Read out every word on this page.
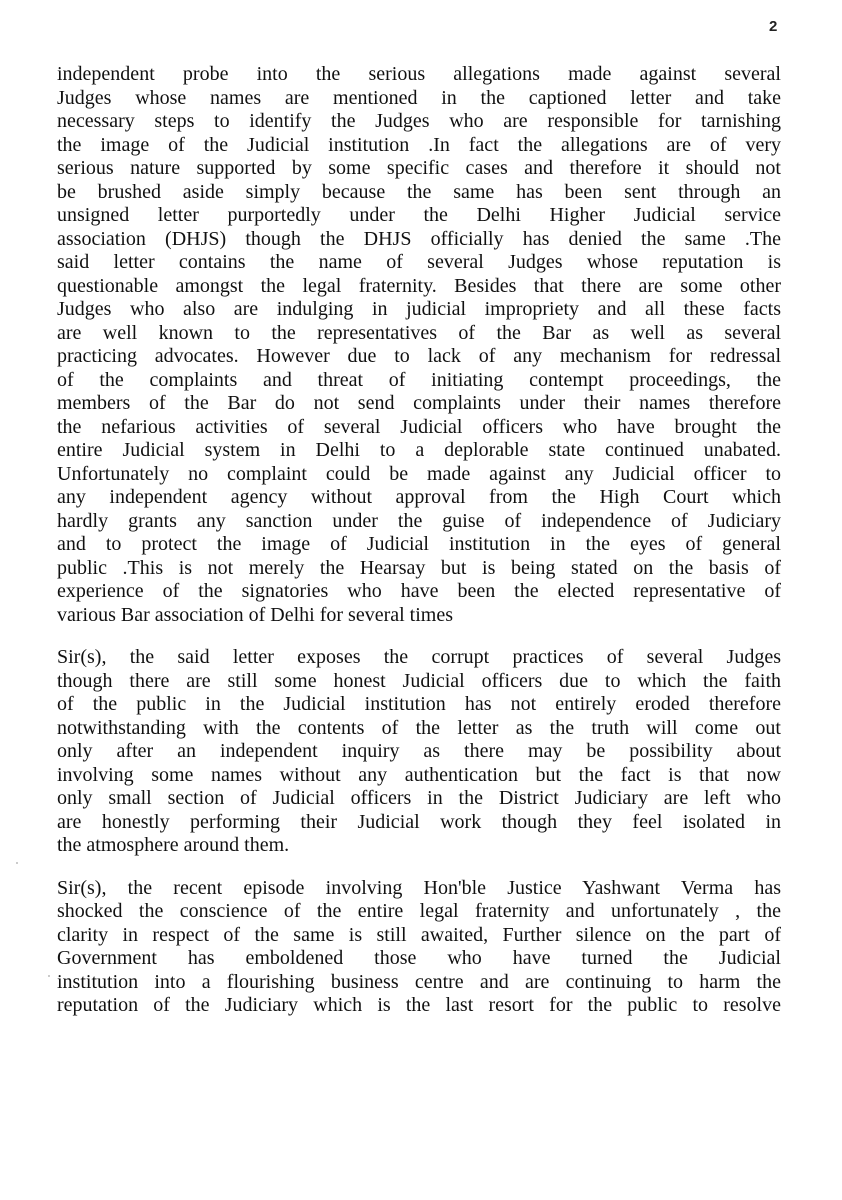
2
independent probe into the serious allegations made against several
Judges whose names are mentioned in the captioned letter and take
necessary steps to identify the Judges who are responsible for tarnishing
the image of the Judicial institution .In fact the allegations are of very
serious nature supported by some specific cases and therefore it should not
be brushed aside simply because the same has been sent through an
unsigned letter purportedly under the Delhi Higher Judicial service
association (DHJS) though the DHJS officially has denied the same .The
said letter contains the name of several Judges whose reputation is
questionable amongst the legal fraternity. Besides that there are some other
Judges who also are indulging in judicial impropriety and all these facts
are well known to the representatives of the Bar as well as several
practicing advocates. However due to lack of any mechanism for redressal
of the complaints and threat of initiating contempt proceedings, the
members of the Bar do not send complaints under their names therefore
the nefarious activities of several Judicial officers who have brought the
entire Judicial system in Delhi to a deplorable state continued unabated.
Unfortunately no complaint could be made against any Judicial officer to
any independent agency without approval from the High Court which
hardly grants any sanction under the guise of independence of Judiciary
and to protect the image of Judicial institution in the eyes of general
public .This is not merely the Hearsay but is being stated on the basis of
experience of the signatories who have been the elected representative of
various Bar association of Delhi for several times
Sir(s), the said letter exposes the corrupt practices of several Judges
though there are still some honest Judicial officers due to which the faith
of the public in the Judicial institution has not entirely eroded therefore
notwithstanding with the contents of the letter as the truth will come out
only after an independent inquiry as there may be possibility about
involving some names without any authentication but the fact is that now
only small section of Judicial officers in the District Judiciary are left who
are honestly performing their Judicial work though they feel isolated in
the atmosphere around them.
Sir(s), the recent episode involving Hon'ble Justice Yashwant Verma has
shocked the conscience of the entire legal fraternity and unfortunately , the
clarity in respect of the same is still awaited, Further silence on the part of
Government has emboldened those who have turned the Judicial
institution into a flourishing business centre and are continuing to harm the
reputation of the Judiciary which is the last resort for the public to resolve
